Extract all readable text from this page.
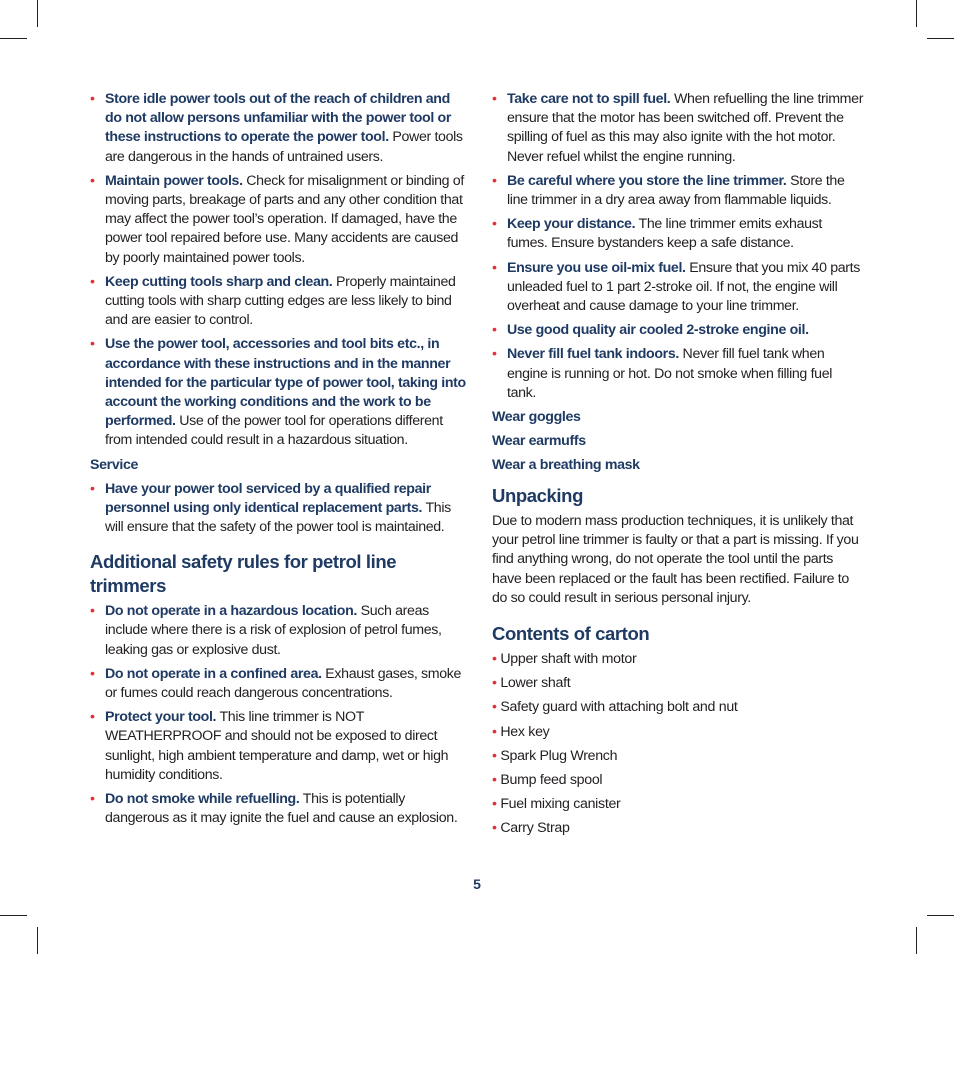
• Store idle power tools out of the reach of children and do not allow persons unfamiliar with the power tool or these instructions to operate the power tool. Power tools are dangerous in the hands of untrained users.
• Maintain power tools. Check for misalignment or binding of moving parts, breakage of parts and any other condition that may affect the power tool’s operation. If damaged, have the power tool repaired before use. Many accidents are caused by poorly maintained power tools.
• Keep cutting tools sharp and clean. Properly maintained cutting tools with sharp cutting edges are less likely to bind and are easier to control.
• Use the power tool, accessories and tool bits etc., in accordance with these instructions and in the manner intended for the particular type of power tool, taking into account the working conditions and the work to be performed. Use of the power tool for operations different from intended could result in a hazardous situation.
Service
• Have your power tool serviced by a qualified repair personnel using only identical replacement parts. This will ensure that the safety of the power tool is maintained.
Additional safety rules for petrol line trimmers
• Do not operate in a hazardous location. Such areas include where there is a risk of explosion of petrol fumes, leaking gas or explosive dust.
• Do not operate in a confined area. Exhaust gases, smoke or fumes could reach dangerous concentrations.
• Protect your tool. This line trimmer is NOT WEATHERPROOF and should not be exposed to direct sunlight, high ambient temperature and damp, wet or high humidity conditions.
• Do not smoke while refuelling. This is potentially dangerous as it may ignite the fuel and cause an explosion.
• Take care not to spill fuel. When refuelling the line trimmer ensure that the motor has been switched off. Prevent the spilling of fuel as this may also ignite with the hot motor. Never refuel whilst the engine running.
• Be careful where you store the line trimmer. Store the line trimmer in a dry area away from flammable liquids.
• Keep your distance. The line trimmer emits exhaust fumes. Ensure bystanders keep a safe distance.
• Ensure you use oil-mix fuel. Ensure that you mix 40 parts unleaded fuel to 1 part 2-stroke oil. If not, the engine will overheat and cause damage to your line trimmer.
• Use good quality air cooled 2-stroke engine oil.
• Never fill fuel tank indoors. Never fill fuel tank when engine is running or hot. Do not smoke when filling fuel tank.
Wear goggles
Wear earmuffs
Wear a breathing mask
Unpacking
Due to modern mass production techniques, it is unlikely that your petrol line trimmer is faulty or that a part is missing. If you find anything wrong, do not operate the tool until the parts have been replaced or the fault has been rectified. Failure to do so could result in serious personal injury.
Contents of carton
• Upper shaft with motor
• Lower shaft
• Safety guard with attaching bolt and nut
• Hex key
• Spark Plug Wrench
• Bump feed spool
• Fuel mixing canister
• Carry Strap
5
